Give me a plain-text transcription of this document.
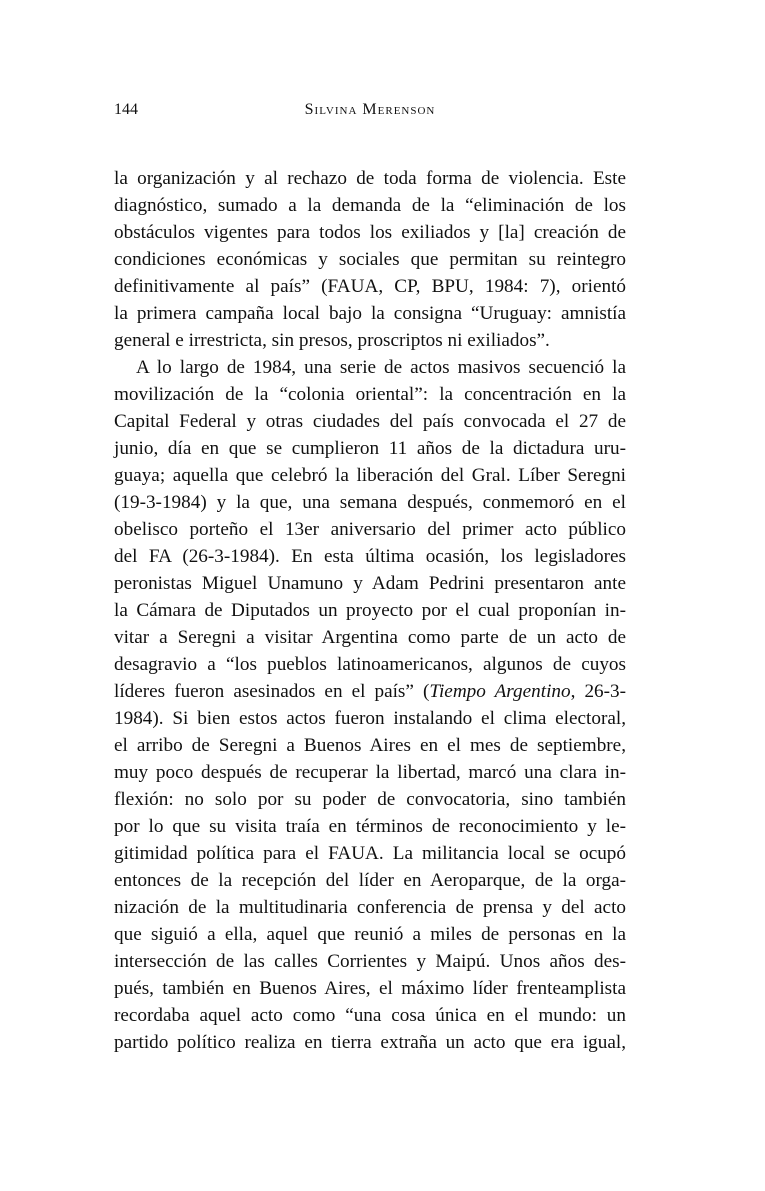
144	Silvina Merenson
la organización y al rechazo de toda forma de violencia. Este
diagnóstico, sumado a la demanda de la “eliminación de los
obstáculos vigentes para todos los exiliados y [la] creación de
condiciones económicas y sociales que permitan su reintegro
definitivamente al país” (FAUA, CP, BPU, 1984: 7), orientó
la primera campaña local bajo la consigna “Uruguay: amnistía
general e irrestricta, sin presos, proscriptos ni exiliados”.
A lo largo de 1984, una serie de actos masivos secuenció la
movilización de la “colonia oriental”: la concentración en la
Capital Federal y otras ciudades del país convocada el 27 de
junio, día en que se cumplieron 11 años de la dictadura uru-
guaya; aquella que celebró la liberación del Gral. Líber Seregni
(19-3-1984) y la que, una semana después, conmemoró en el
obelisco porteño el 13er aniversario del primer acto público
del FA (26-3-1984). En esta última ocasión, los legisladores
peronistas Miguel Unamuno y Adam Pedrini presentaron ante
la Cámara de Diputados un proyecto por el cual proponían in-
vitar a Seregni a visitar Argentina como parte de un acto de
desagravio a “los pueblos latinoamericanos, algunos de cuyos
líderes fueron asesinados en el país” (Tiempo Argentino, 26-3-
1984). Si bien estos actos fueron instalando el clima electoral,
el arribo de Seregni a Buenos Aires en el mes de septiembre,
muy poco después de recuperar la libertad, marcó una clara in-
flexión: no solo por su poder de convocatoria, sino también
por lo que su visita traía en términos de reconocimiento y le-
gitimidad política para el FAUA. La militancia local se ocupó
entonces de la recepción del líder en Aeroparque, de la orga-
nización de la multitudinaria conferencia de prensa y del acto
que siguió a ella, aquel que reunió a miles de personas en la
intersección de las calles Corrientes y Maipú. Unos años des-
pués, también en Buenos Aires, el máximo líder frenteamplista
recordaba aquel acto como “una cosa única en el mundo: un
partido político realiza en tierra extraña un acto que era igual,
